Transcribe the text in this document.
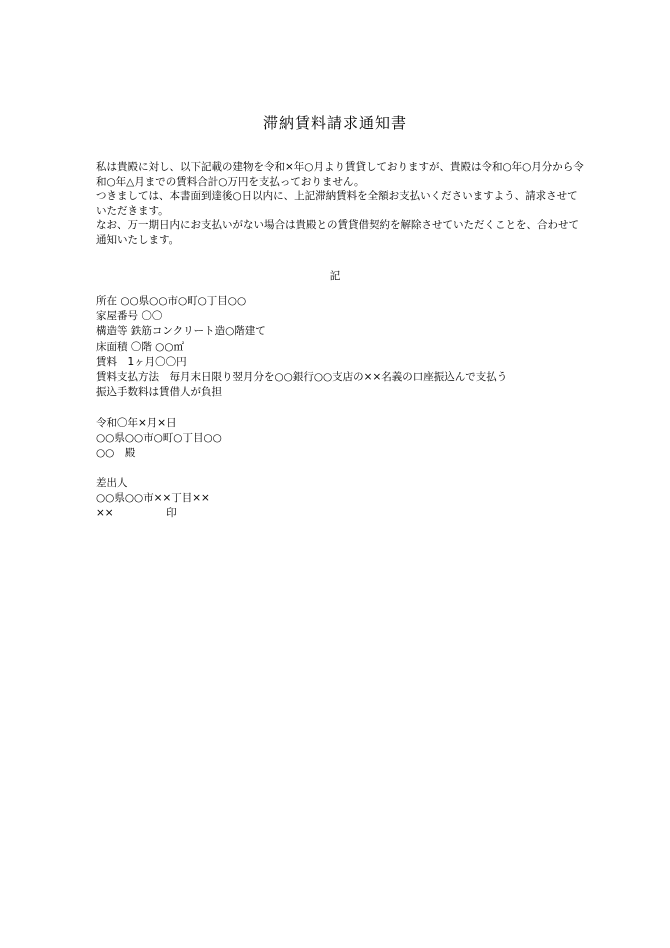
滞納賃料請求通知書

私は貴殿に対し、以下記載の建物を令和×年○月より賃貸しておりますが、貴殿は令和○年○月分から令和○年△月までの賃料合計○万円を支払っておりません。

つきましては、本書面到達後○日以内に、上記滞納賃料を全額お支払いくださいますよう、請求させていただきます。

なお、万一期日内にお支払いがない場合は貴殿との賃貸借契約を解除させていただくことを、合わせて通知いたします。

記
所在 ○○県○○市○町○丁目○○
家屋番号 〇〇
構造等 鉄筋コンクリート造○階建て
床面積 〇階 ○○㎡
賃料　1ヶ月〇〇円
賃料支払方法　毎月末日限り翌月分を○○銀行○○支店の××名義の口座振込んで支払う
振込手数料は賃借人が負担
令和〇年×月×日
○○県○○市○町○丁目○○
○○　殿
差出人
○○県○○市××丁目××
××　　　　　印
